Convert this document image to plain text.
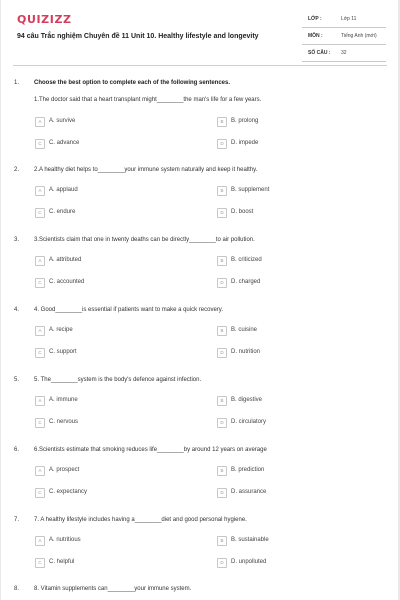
QUIZIZZ
94 câu Trắc nghiệm Chuyên đề 11 Unit 10. Healthy lifestyle and longevity
LỚP :	Lớp 11
MÔN :	Tiếng Anh (mới)
SỐ CÂU : 32
1. Choose the best option to complete each of the following sentences.
1.The doctor said that a heart transplant might________the man's life for a few years.
A	A. survive	B	B. prolong
C	C. advance	D	D. impede
2. 2.A healthy diet helps to________your immune system naturally and keep it healthy.
A	A. applaud	B	B. supplement
C	C. endure	D	D. boost
3. 3.Scientists claim that one in twenty deaths can be directly________to air pollution.
A	A. attributed	B	B. criticized
C	C. accounted	D	D. charged
4. 4. Good________is essential if patients want to make a quick recovery.
A	A. recipe	B	B. cuisine
C	C. support	D	D. nutrition
5. 5. The________system is the body's defence against infection.
A	A. immune	B	B. digestive
C	C. nervous	D	D. circulatory
6. 6.Scientists estimate that smoking reduces life________by around 12 years on average
A	A. prospect	B	B. prediction
C	C. expectancy	D	D. assurance
7. 7. A healthy lifestyle includes having a________diet and good personal hygiene.
A	A. nutritious	B	B. sustainable
C	C. helpful	D	D. unpolluted
8. 8. Vitamin supplements can________your immune system.
